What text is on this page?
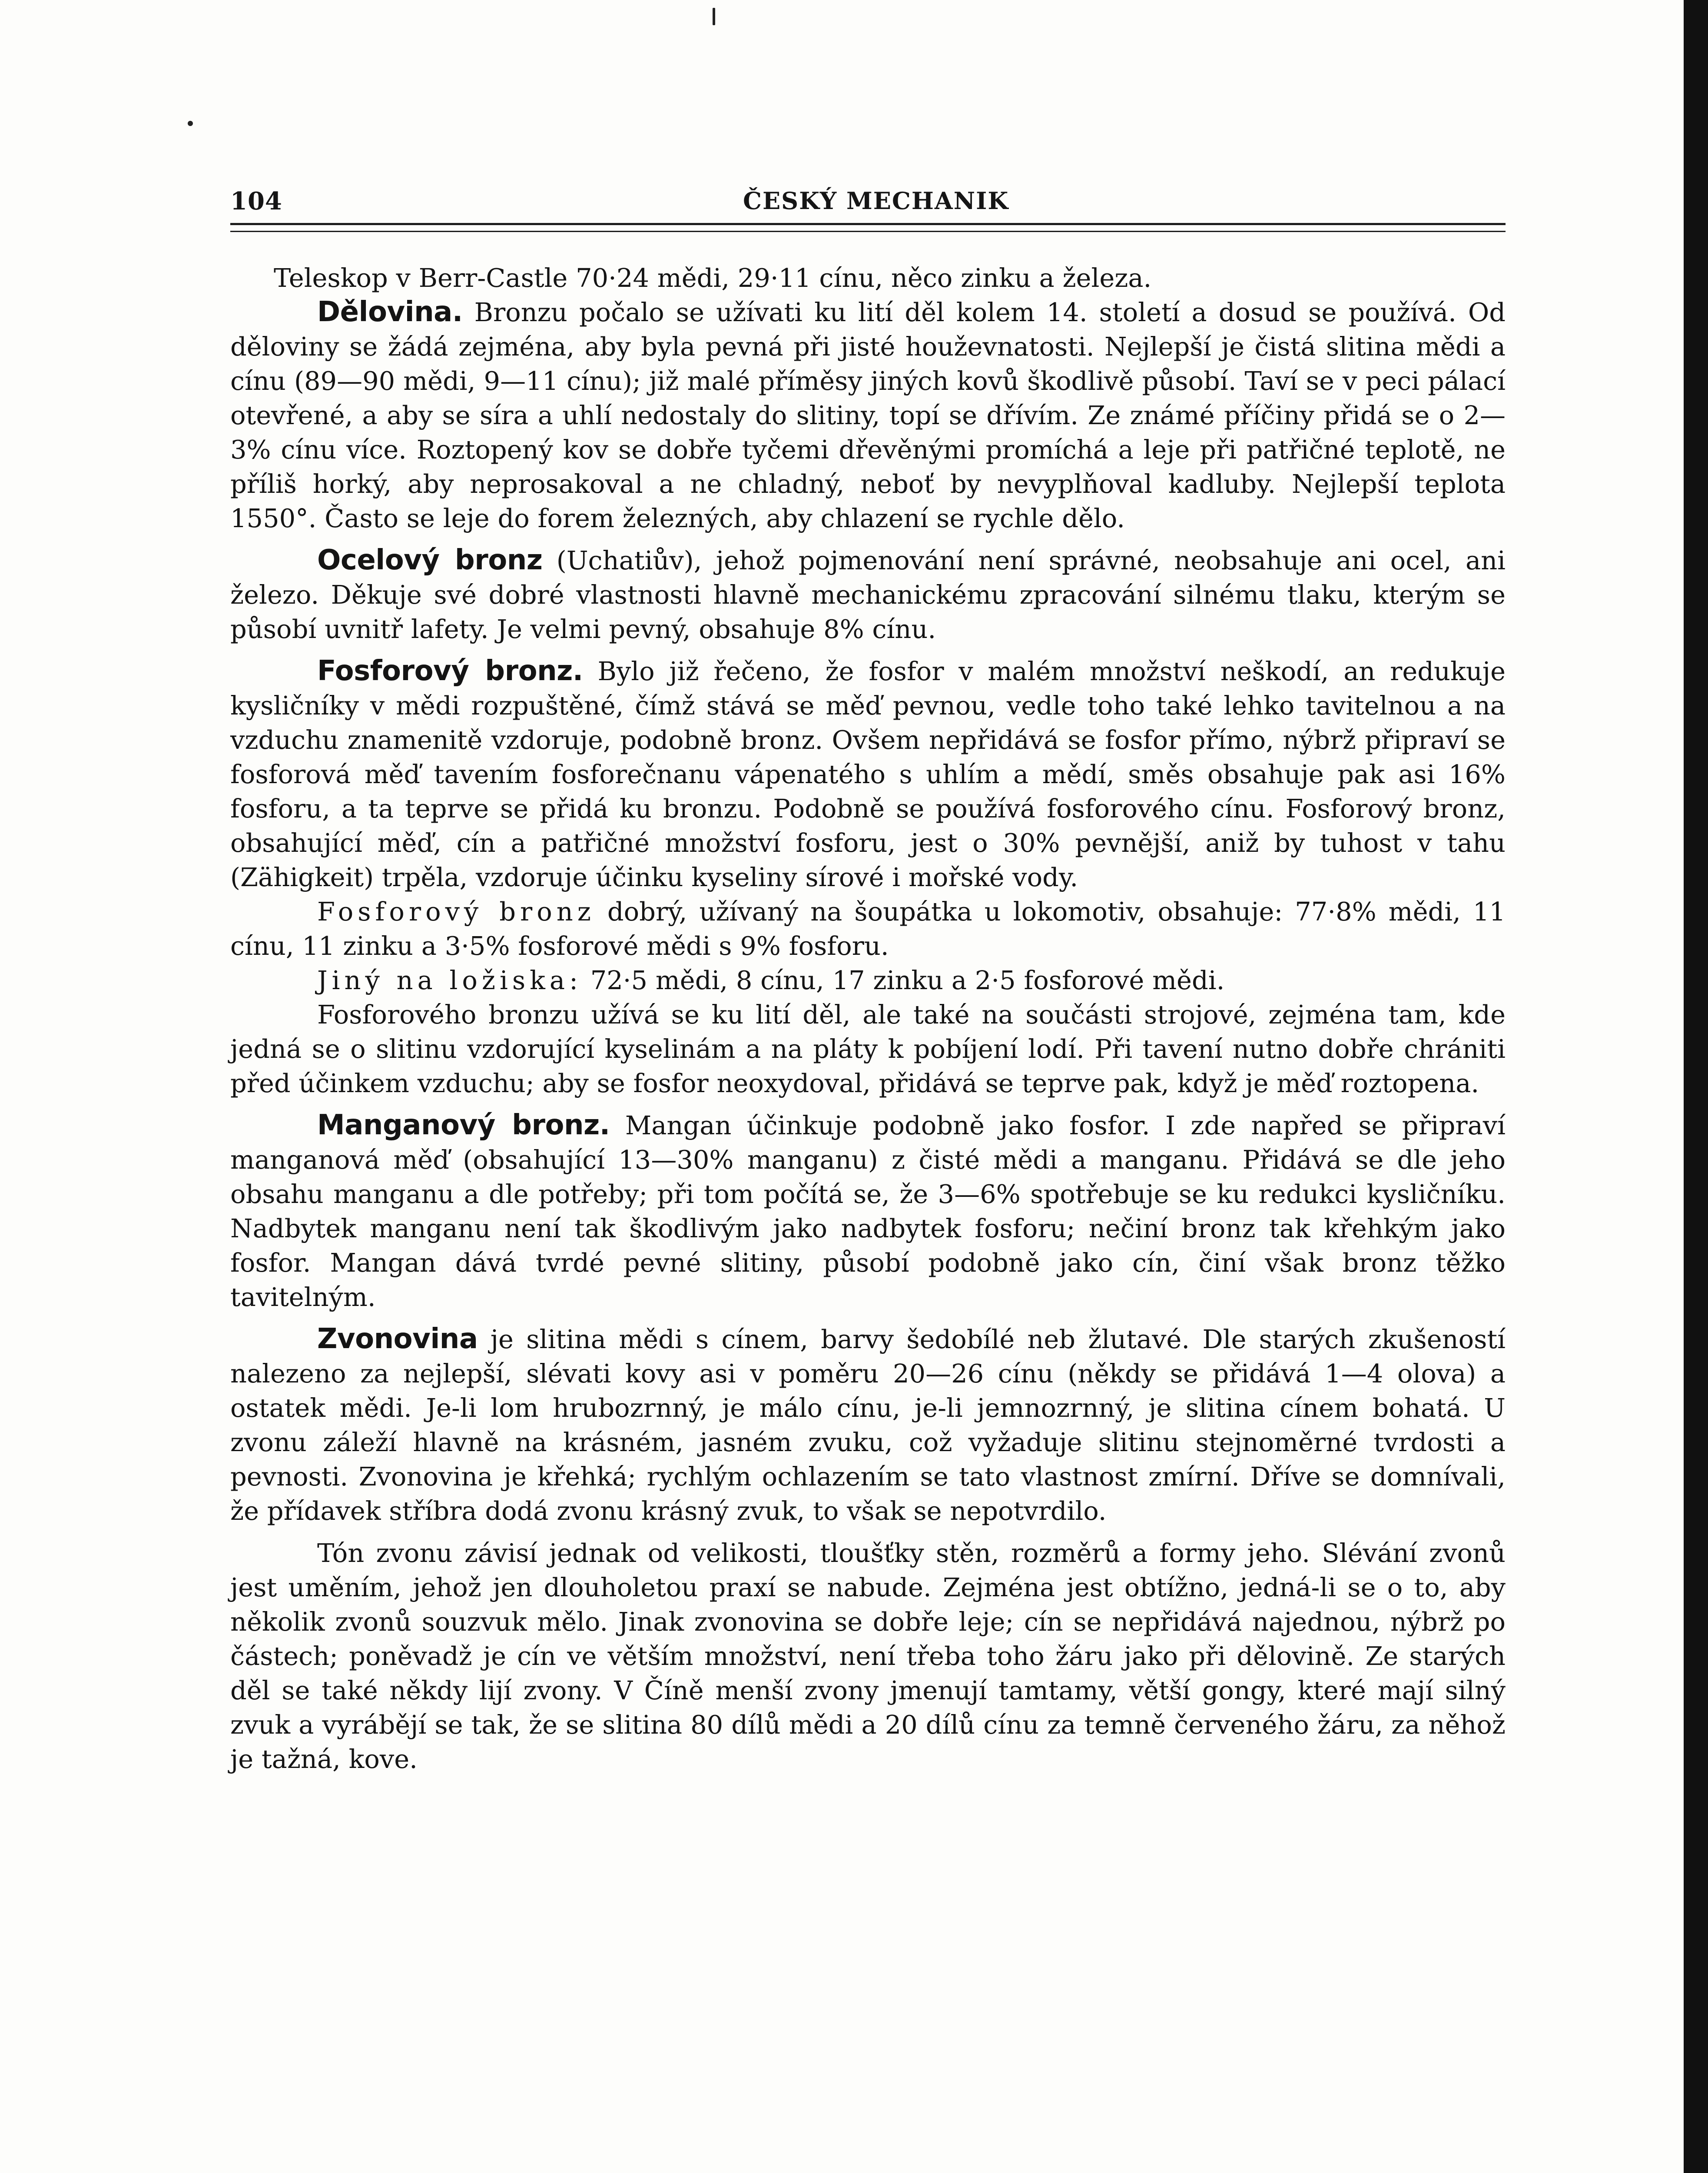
104	ČESKÝ MECHANIK

Teleskop v Berr-Castle 70·24 mědi, 29·11 cínu, něco zinku a železa.

Dělovina. Bronzu počalo se užívati ku lití děl kolem 14. století a dosud se používá. Od děloviny se žádá zejména, aby byla pevná při jisté houževnatosti. Nejlepší je čistá slitina mědi a cínu (89—90 mědi, 9—11 cínu); již malé příměsy jiných kovů škodlivě působí. Taví se v peci pálací otevřené, a aby se síra a uhlí nedostaly do slitiny, topí se dřívím. Ze známé příčiny přidá se o 2—3% cínu více. Roztopený kov se dobře tyčemi dřevěnými promíchá a leje při patřičné teplotě, ne příliš horký, aby neprosakoval a ne chladný, neboť by nevyplňoval kadluby. Nejlepší teplota 1550°. Často se leje do forem železných, aby chlazení se rychle dělo.

Ocelový bronz (Uchatiův), jehož pojmenování není správné, neobsahuje ani ocel, ani železo. Děkuje své dobré vlastnosti hlavně mechanickému zpracování silnému tlaku, kterým se působí uvnitř lafety. Je velmi pevný, obsahuje 8% cínu.

Fosforový bronz. Bylo již řečeno, že fosfor v malém množství neškodí, an redukuje kysličníky v mědi rozpuštěné, čímž stává se měď pevnou, vedle toho také lehko tavitelnou a na vzduchu znamenitě vzdoruje, podobně bronz. Ovšem nepřidává se fosfor přímo, nýbrž připraví se fosforová měď tavením fosforečnanu vápenatého s uhlím a mědí, směs obsahuje pak asi 16% fosforu, a ta teprve se přidá ku bronzu. Podobně se používá fosforového cínu. Fosforový bronz, obsahující měď, cín a patřičné množství fosforu, jest o 30% pevnější, aniž by tuhost v tahu (Zähigkeit) trpěla, vzdoruje účinku kyseliny sírové i mořské vody.

Fosforový bronz dobrý, užívaný na šoupátka u lokomotiv, obsahuje: 77·8% mědi, 11 cínu, 11 zinku a 3·5% fosforové mědi s 9% fosforu.

Jiný na ložiska: 72·5 mědi, 8 cínu, 17 zinku a 2·5 fosforové mědi.

Fosforového bronzu užívá se ku lití děl, ale také na součásti strojové, zejména tam, kde jedná se o slitinu vzdorující kyselinám a na pláty k pobíjení lodí. Při tavení nutno dobře chrániti před účinkem vzduchu; aby se fosfor neoxydoval, přidává se teprve pak, když je měď roztopena.

Manganový bronz. Mangan účinkuje podobně jako fosfor. I zde napřed se připraví manganová měď (obsahující 13—30% manganu) z čisté mědi a manganu. Přidává se dle jeho obsahu manganu a dle potřeby; při tom počítá se, že 3—6% spotřebuje se ku redukci kysličníku. Nadbytek manganu není tak škodlivým jako nadbytek fosforu; nečiní bronz tak křehkým jako fosfor. Mangan dává tvrdé pevné slitiny, působí podobně jako cín, činí však bronz těžko tavitelným.

Zvonovina je slitina mědi s cínem, barvy šedobílé neb žlutavé. Dle starých zkušeností nalezeno za nejlepší, slévati kovy asi v poměru 20—26 cínu (někdy se přidává 1—4 olova) a ostatek mědi. Je-li lom hrubozrnný, je málo cínu, je-li jemnozrnný, je slitina cínem bohatá. U zvonu záleží hlavně na krásném, jasném zvuku, což vyžaduje slitinu stejnoměrné tvrdosti a pevnosti. Zvonovina je křehká; rychlým ochlazením se tato vlastnost zmírní. Dříve se domnívali, že přídavek stříbra dodá zvonu krásný zvuk, to však se nepotvrdilo.

Tón zvonu závisí jednak od velikosti, tloušťky stěn, rozměrů a formy jeho. Slévání zvonů jest uměním, jehož jen dlouholetou praxí se nabude. Zejména jest obtížno, jedná-li se o to, aby několik zvonů souzvuk mělo. Jinak zvonovina se dobře leje; cín se nepřidává najednou, nýbrž po částech; poněvadž je cín ve větším množství, není třeba toho žáru jako při dělovině. Ze starých děl se také někdy lijí zvony. V Číně menší zvony jmenují tamtamy, větší gongy, které mají silný zvuk a vyrábějí se tak, že se slitina 80 dílů mědi a 20 dílů cínu za temně červeného žáru, za něhož je tažná, kove.
